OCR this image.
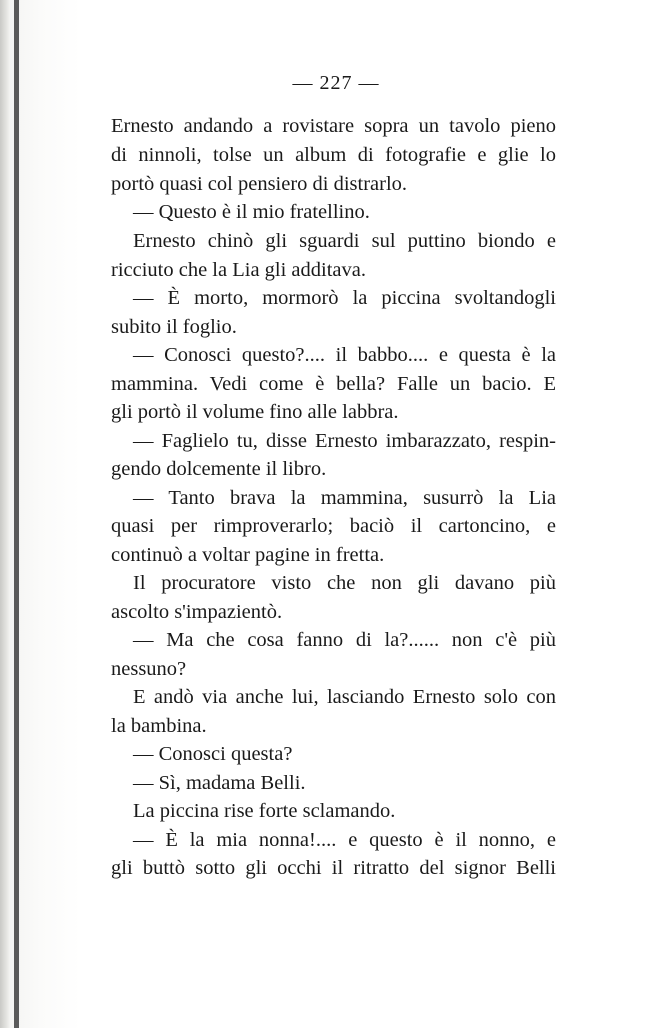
— 227 —
Ernesto andando a rovistare sopra un tavolo pieno
di ninnoli, tolse un album di fotografie e glie lo
portò quasi col pensiero di distrarlo.
— Questo è il mio fratellino.
Ernesto chinò gli sguardi sul puttino biondo e
ricciuto che la Lia gli additava.
— È morto, mormorò la piccina svoltandogli
subito il foglio.
— Conosci questo?.... il babbo.... e questa è la
mammina. Vedi come è bella? Falle un bacio. E
gli portò il volume fino alle labbra.
— Faglielo tu, disse Ernesto imbarazzato, respin-
gendo dolcemente il libro.
— Tanto brava la mammina, susurrò la Lia
quasi per rimproverarlo; baciò il cartoncino, e
continuò a voltar pagine in fretta.
Il procuratore visto che non gli davano più
ascolto s'impazientò.
— Ma che cosa fanno di la?...... non c'è più
nessuno?
E andò via anche lui, lasciando Ernesto solo con
la bambina.
— Conosci questa?
— Sì, madama Belli.
La piccina rise forte sclamando.
— È la mia nonna!.... e questo è il nonno, e
gli buttò sotto gli occhi il ritratto del signor Belli
